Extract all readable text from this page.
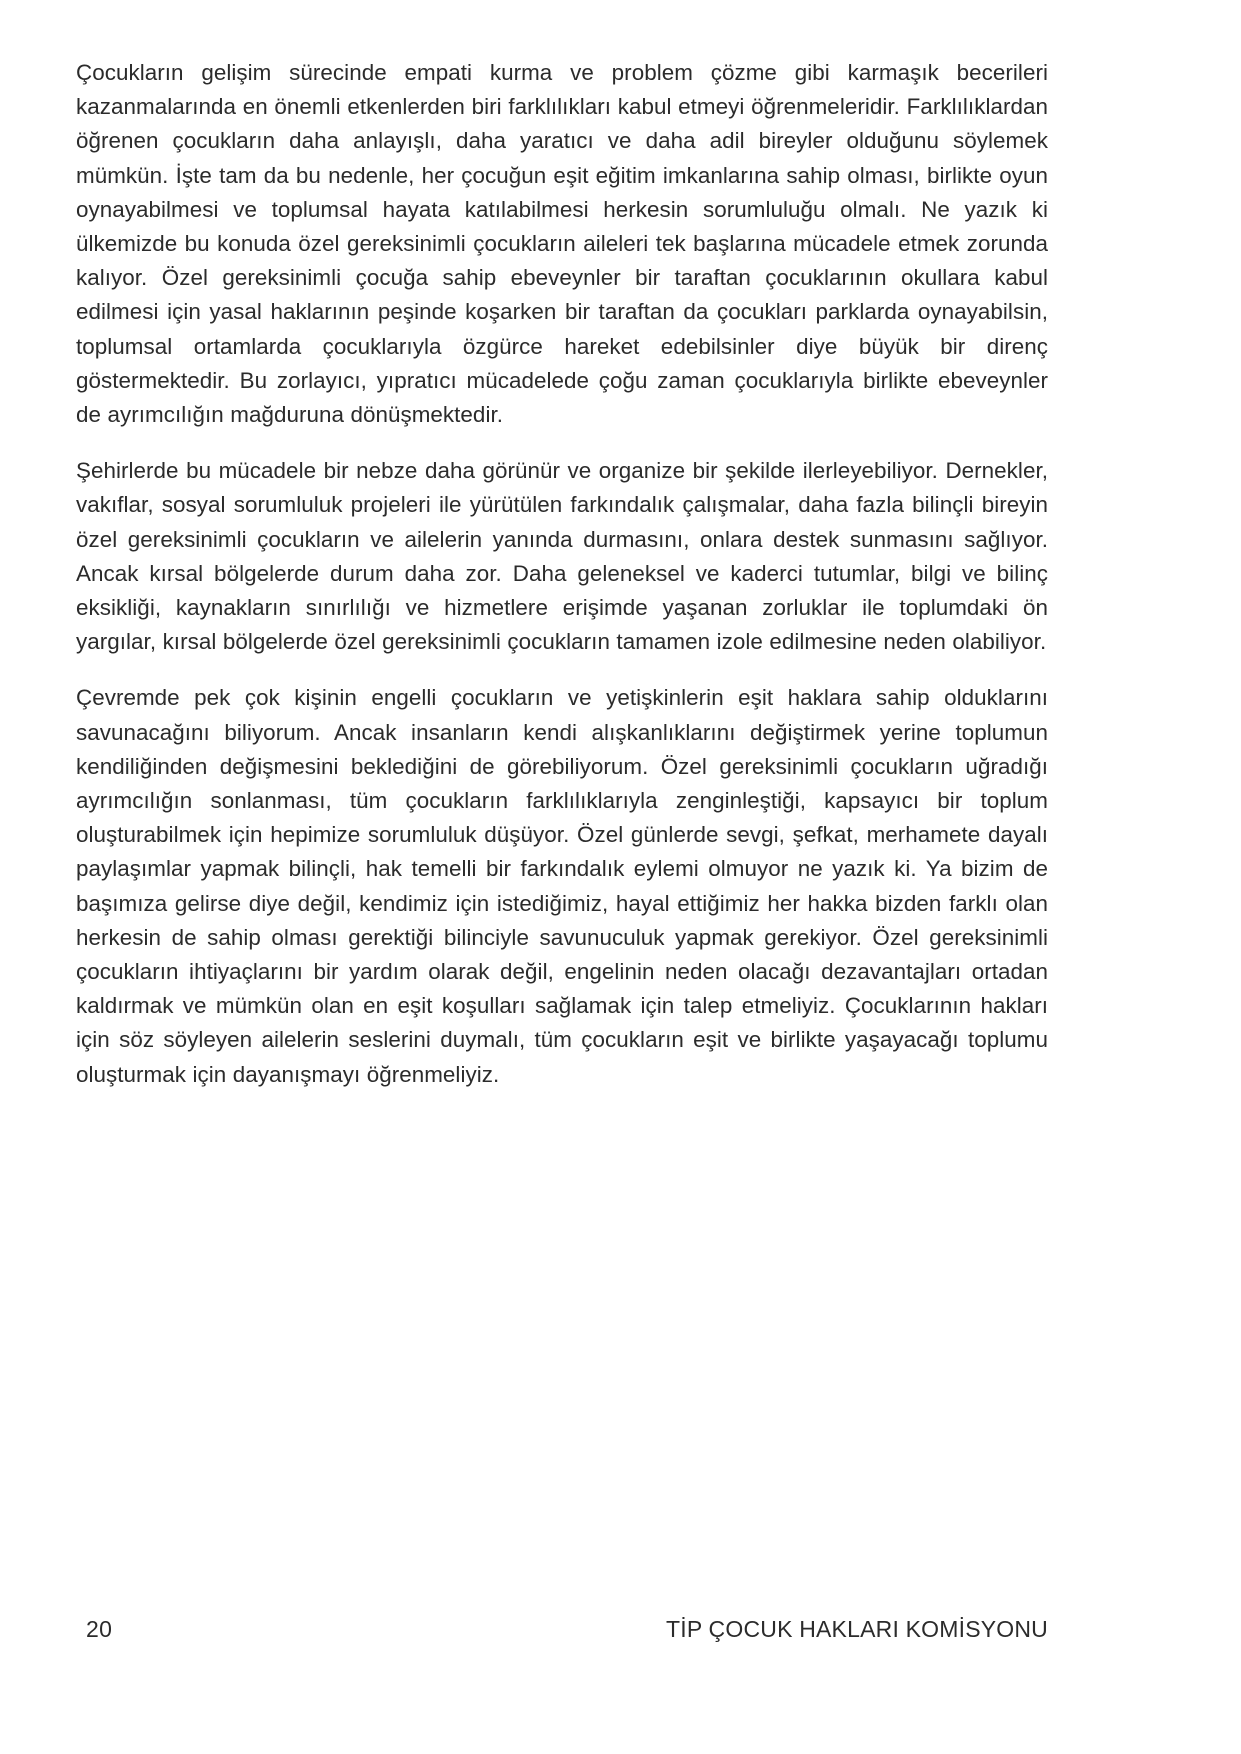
Çocukların gelişim sürecinde empati kurma ve problem çözme gibi karmaşık becerileri kazanmalarında en önemli etkenlerden biri farklılıkları kabul etmeyi öğrenmeleridir. Farklılıklardan öğrenen çocukların daha anlayışlı, daha yaratıcı ve daha adil bireyler olduğunu söylemek mümkün. İşte tam da bu nedenle, her çocuğun eşit eğitim imkanlarına sahip olması, birlikte oyun oynayabilmesi ve toplumsal hayata katılabilmesi herkesin sorumluluğu olmalı. Ne yazık ki ülkemizde bu konuda özel gereksinimli çocukların aileleri tek başlarına mücadele etmek zorunda kalıyor. Özel gereksinimli çocuğa sahip ebeveynler bir taraftan çocuklarının okullara kabul edilmesi için yasal haklarının peşinde koşarken bir taraftan da çocukları parklarda oynayabilsin, toplumsal ortamlarda çocuklarıyla özgürce hareket edebilsinler diye büyük bir direnç göstermektedir. Bu zorlayıcı, yıpratıcı mücadelede çoğu zaman çocuklarıyla birlikte ebeveynler de ayrımcılığın mağduruna dönüşmektedir.

Şehirlerde bu mücadele bir nebze daha görünür ve organize bir şekilde ilerleyebiliyor. Dernekler, vakıflar, sosyal sorumluluk projeleri ile yürütülen farkındalık çalışmalar, daha fazla bilinçli bireyin özel gereksinimli çocukların ve ailelerin yanında durmasını, onlara destek sunmasını sağlıyor. Ancak kırsal bölgelerde durum daha zor. Daha geleneksel ve kaderci tutumlar, bilgi ve bilinç eksikliği, kaynakların sınırlılığı ve hizmetlere erişimde yaşanan zorluklar ile toplumdaki ön yargılar, kırsal bölgelerde özel gereksinimli çocukların tamamen izole edilmesine neden olabiliyor.

Çevremde pek çok kişinin engelli çocukların ve yetişkinlerin eşit haklara sahip olduklarını savunacağını biliyorum. Ancak insanların kendi alışkanlıklarını değiştirmek yerine toplumun kendiliğinden değişmesini beklediğini de görebiliyorum. Özel gereksinimli çocukların uğradığı ayrımcılığın sonlanması, tüm çocukların farklılıklarıyla zenginleştiği, kapsayıcı bir toplum oluşturabilmek için hepimize sorumluluk düşüyor. Özel günlerde sevgi, şefkat, merhamete dayalı paylaşımlar yapmak bilinçli, hak temelli bir farkındalık eylemi olmuyor ne yazık ki. Ya bizim de başımıza gelirse diye değil, kendimiz için istediğimiz, hayal ettiğimiz her hakka bizden farklı olan herkesin de sahip olması gerektiği bilinciyle savunuculuk yapmak gerekiyor. Özel gereksinimli çocukların ihtiyaçlarını bir yardım olarak değil, engelinin neden olacağı dezavantajları ortadan kaldırmak ve mümkün olan en eşit koşulları sağlamak için talep etmeliyiz. Çocuklarının hakları için söz söyleyen ailelerin seslerini duymalı, tüm çocukların eşit ve birlikte yaşayacağı toplumu oluşturmak için dayanışmayı öğrenmeliyiz.

20	TİP ÇOCUK HAKLARI KOMİSYONU
